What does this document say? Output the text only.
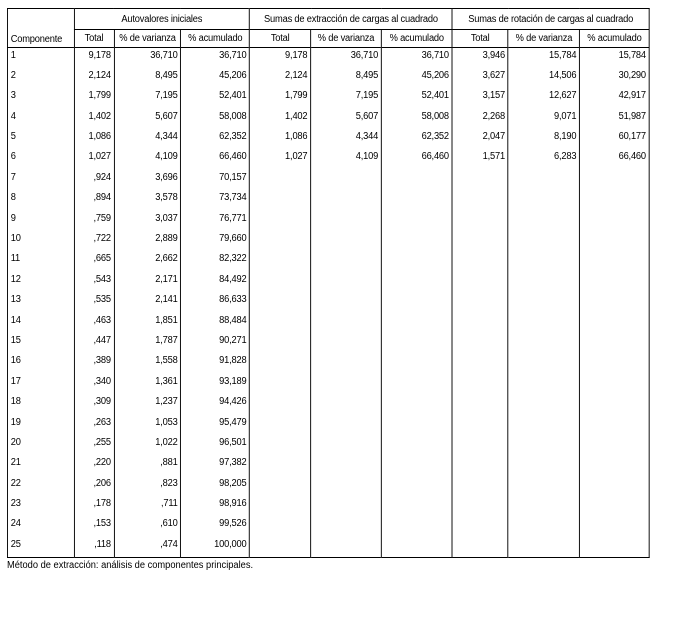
Componente	Autovalores iniciales			Sumas de extracción de cargas al cuadrado			Sumas de rotación de cargas al cuadrado		
	Total	% de varianza	% acumulado	Total	% de varianza	% acumulado	Total	% de varianza	% acumulado
1	9,178	36,710	36,710	9,178	36,710	36,710	3,946	15,784	15,784
2	2,124	8,495	45,206	2,124	8,495	45,206	3,627	14,506	30,290
3	1,799	7,195	52,401	1,799	7,195	52,401	3,157	12,627	42,917
4	1,402	5,607	58,008	1,402	5,607	58,008	2,268	9,071	51,987
5	1,086	4,344	62,352	1,086	4,344	62,352	2,047	8,190	60,177
6	1,027	4,109	66,460	1,027	4,109	66,460	1,571	6,283	66,460
7	,924	3,696	70,157						
8	,894	3,578	73,734						
9	,759	3,037	76,771						
10	,722	2,889	79,660						
11	,665	2,662	82,322						
12	,543	2,171	84,492						
13	,535	2,141	86,633						
14	,463	1,851	88,484						
15	,447	1,787	90,271						
16	,389	1,558	91,828						
17	,340	1,361	93,189						
18	,309	1,237	94,426						
19	,263	1,053	95,479						
20	,255	1,022	96,501						
21	,220	,881	97,382						
22	,206	,823	98,205						
23	,178	,711	98,916						
24	,153	,610	99,526						
25	,118	,474	100,000						
Método de extracción: análisis de componentes principales.
